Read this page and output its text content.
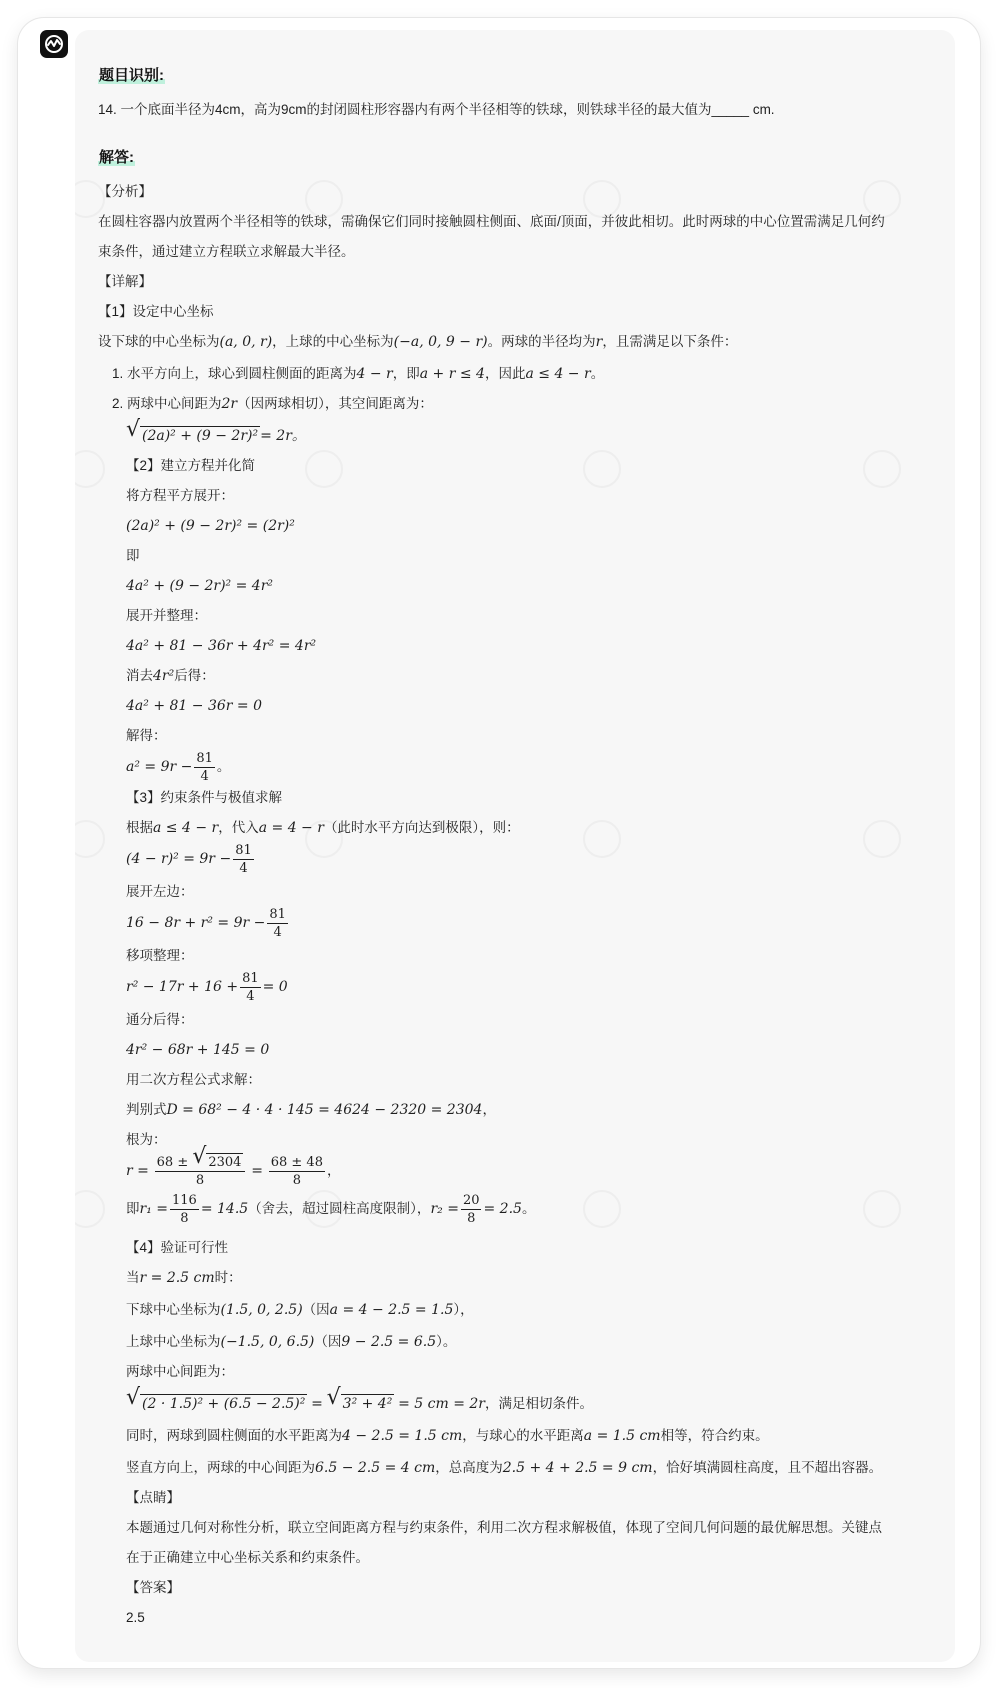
题目识别:
14. 一个底面半径为4cm，高为9cm的封闭圆柱形容器内有两个半径相等的铁球，则铁球半径的最大值为_____ cm.
解答:
【分析】
在圆柱容器内放置两个半径相等的铁球，需确保它们同时接触圆柱侧面、底面/顶面，并彼此相切。此时两球的中心位置需满足几何约
束条件，通过建立方程联立求解最大半径。
【详解】
【1】设定中心坐标
设下球的中心坐标为(a, 0, r)，上球的中心坐标为(−a, 0, 9 − r)。两球的半径均为r，且需满足以下条件：
1. 水平方向上，球心到圆柱侧面的距离为4 − r，即a + r ≤ 4，因此a ≤ 4 − r。
2. 两球中心间距为2r（因两球相切），其空间距离为：
√ (2a)² + (9 − 2r)² = 2r。
【2】建立方程并化简
将方程平方展开：
(2a)² + (9 − 2r)² = (2r)²
即
4a² + (9 − 2r)² = 4r²
展开并整理：
4a² + 81 − 36r + 4r² = 4r²
消去4r²后得：
4a² + 81 − 36r = 0
解得：
$a^2 = 9r - \frac{81}{4}$ 。
【3】约束条件与极值求解
根据a ≤ 4 − r，代入a = 4 − r（此时水平方向达到极限），则：
$(4 - r)^2 = 9r - \frac{81}{4}$
展开左边：
$16 - 8r + r^2 = 9r - \frac{81}{4}$
移项整理：
$r^2 - 17r + 16 + \frac{81}{4} = 0$
通分后得：
4r² − 68r + 145 = 0
用二次方程公式求解：
判别式D = 68² − 4 · 4 · 145 = 4624 − 2320 = 2304，
根为：
$r = \frac{68 \pm √ 2304}{8} = \frac{68 \pm 48}{8}$ ，
即$r_1 = \frac{116}{8} = 14.5$（舍去，超过圆柱高度限制），$r_2 = \frac{20}{8} = 2.5$。
【4】验证可行性
当r = 2.5 cm时：
下球中心坐标为(1.5, 0, 2.5)（因a = 4 − 2.5 = 1.5），
上球中心坐标为(−1.5, 0, 6.5)（因9 − 2.5 = 6.5）。
两球中心间距为：
√ (2 · 1.5)² + (6.5 − 2.5)² = √ 3² + 4² = 5 cm = 2r，满足相切条件。
同时，两球到圆柱侧面的水平距离为4 − 2.5 = 1.5 cm，与球心的水平距离a = 1.5 cm相等，符合约束。
竖直方向上，两球的中心间距为6.5 − 2.5 = 4 cm，总高度为2.5 + 4 + 2.5 = 9 cm，恰好填满圆柱高度，且不超出容器。
【点睛】
本题通过几何对称性分析，联立空间距离方程与约束条件，利用二次方程求解极值，体现了空间几何问题的最优解思想。关键点
在于正确建立中心坐标关系和约束条件。
【答案】
2.5
